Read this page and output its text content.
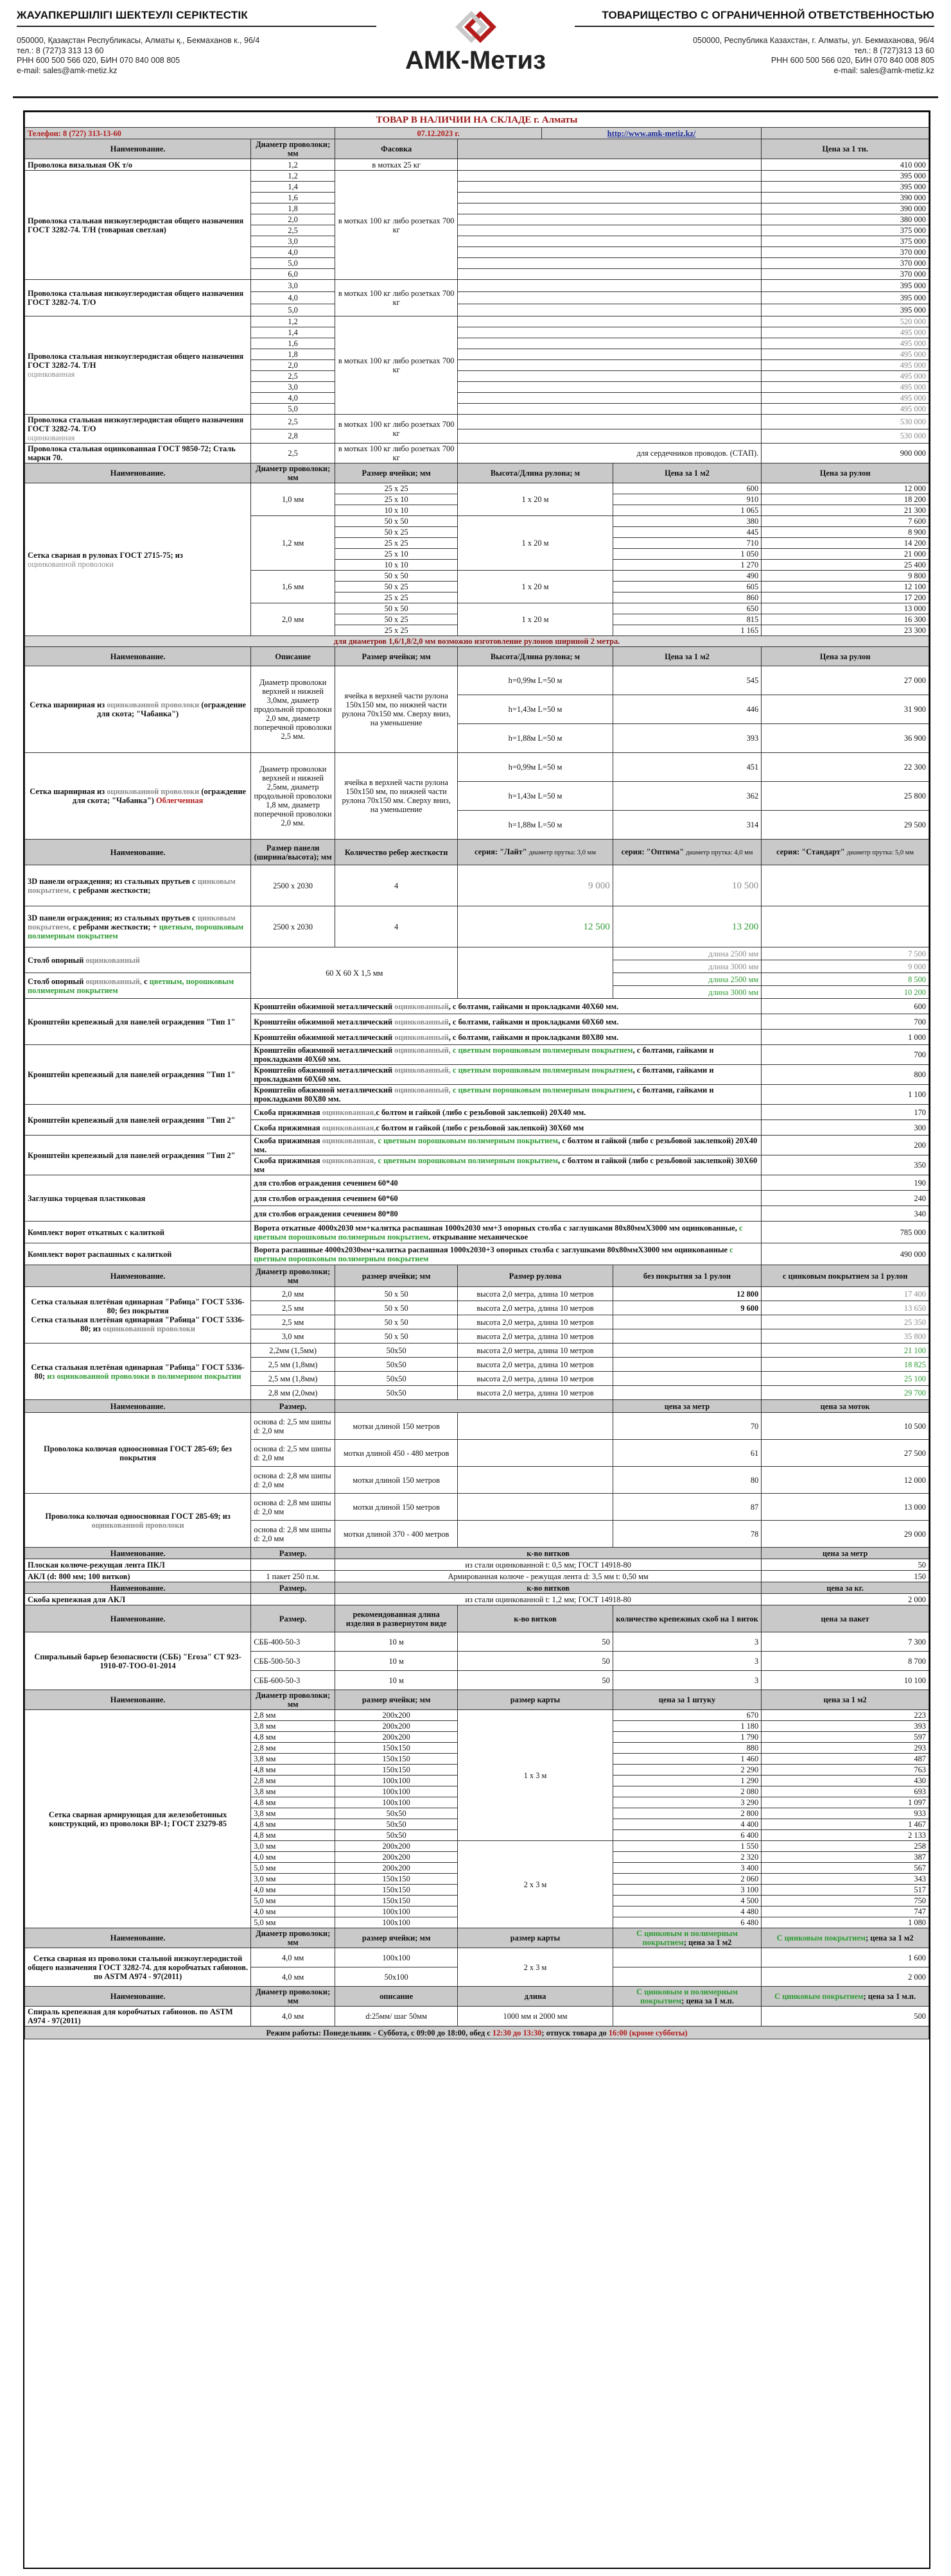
ЖАУАПКЕРШІЛІГІ ШЕКТЕУЛІ СЕРІКТЕСТІК
050000, Қазақстан Республикасы, Алматы қ., Бекмаханов к., 96/4
тел.: 8 (727)3 313 13 60
РНН 600 500 566 020, БИН 070 840 008 805
e-mail: sales@amk-metiz.kz	АМК-Метиз
ТОВАРИЩЕСТВО С ОГРАНИЧЕННОЙ ОТВЕТСТВЕННОСТЬЮ
050000, Республика Казахстан, г. Алматы, ул. Бекмаханова, 96/4
тел.: 8 (727)313 13 60
РНН 600 500 566 020, БИН 070 840 008 805
e-mail: sales@amk-metiz.kz
ТОВАР В НАЛИЧИИ НА СКЛАДЕ г. Алматы						
Телефон: 8 (727) 313-13-60		07.12.2023 г.		http://www.amk-metiz.kz/		
Наименование.	Диаметр проволоки; мм	Фасовка				Цена за 1 тн.
Проволока вязальная ОК т/о	1,2	в мотках 25 кг				410 000
Проволока стальная низкоуглеродистая общего назначения ГОСТ 3282-74. Т/Н (товарная светлая)	1,2	в мотках 100 кг либо розетках 700 кг				395 000
	1,4					395 000
	1,6					390 000
	1,8					390 000
	2,0					380 000
	2,5					375 000
	3,0					375 000
	4,0					370 000
	5,0					370 000
	6,0					370 000
Проволока стальная низкоуглеродистая общего назначения ГОСТ 3282-74. Т/О	3,0	в мотках 100 кг либо розетках 700 кг				395 000
	4,0					395 000
	5,0					395 000
Проволока стальная низкоуглеродистая общего назначения ГОСТ 3282-74. Т/Н
оцинкованная	1,2	в мотках 100 кг либо розетках 700 кг				520 000
	1,4					495 000
	1,6					495 000
	1,8					495 000
	2,0					495 000
	2,5					495 000
	3,0					495 000
	4,0					495 000
	5,0					495 000
Проволока стальная низкоуглеродистая общего назначения ГОСТ 3282-74. Т/О
оцинкованная	2,5	в мотках 100 кг либо розетках 700 кг				530 000
	2,8					530 000
Проволока стальная оцинкованная ГОСТ 9850-72; Сталь марки 70.	2,5	в мотках 100 кг либо розетках 700 кг	для сердечников проводов. (СТАП).			900 000
Наименование.	Диаметр проволоки; мм	Размер ячейки; мм	Высота/Длина рулона; м		Цена за 1 м2	Цена за рулон
Сетка сварная в рулонах ГОСТ 2715-75; из
оцинкованной проволоки	1,0 мм	25 х 25	1 х 20 м		600	12 000
		25 х 10			910	18 200
		10 х 10			1 065	21 300
	1,2 мм	50 х 50	1 х 20 м		380	7 600
		50 х 25			445	8 900
		25 х 25			710	14 200
		25 х 10			1 050	21 000
		10 х 10			1 270	25 400
	1,6 мм	50 х 50	1 х 20 м		490	9 800
		50 х 25			605	12 100
		25 х 25			860	17 200
	2,0 мм	50 х 50	1 х 20 м		650	13 000
		50 х 25			815	16 300
		25 х 25			1 165	23 300
для диаметров 1,6/1,8/2,0 мм возможно изготовление рулонов шириной 2 метра.						
Наименование.	Описание	Размер ячейки; мм	Высота/Длина рулона; м		Цена за 1 м2	Цена за рулон
Сетка шарнирная из оцинкованной проволоки (ограждение для скота; "Чабанка")	Диаметр проволоки верхней и нижней 3,0мм, диаметр продольной проволоки 2,0 мм, диаметр поперечной проволоки 2,5 мм.	ячейка в верхней части рулона 150х150 мм, по нижней части рулона 70х150 мм. Сверху вниз, на уменьшение	h=0,99м L=50 м		545	27 000
			h=1,43м L=50 м		446	31 900
			h=1,88м L=50 м		393	36 900
Сетка шарнирная из оцинкованной проволоки (ограждение для скота; "Чабанка") Облегченная	Диаметр проволоки верхней и нижней 2,5мм, диаметр продольной проволоки 1,8 мм, диаметр поперечной проволоки 2,0 мм.	ячейка в верхней части рулона 150х150 мм, по нижней части рулона 70х150 мм. Сверху вниз, на уменьшение	h=0,99м L=50 м		451	22 300
			h=1,43м L=50 м		362	25 800
			h=1,88м L=50 м		314	29 500
Наименование.	Размер панели (ширина/высота); мм	Количество ребер жесткости	серия: "Лайт" диаметр прутка: 3,0 мм		серия: "Оптима" диаметр прутка: 4,0 мм	серия: "Стандарт" диаметр прутка: 5,0 мм
3D панели ограждения; из стальных прутьев с цинковым покрытием, с ребрами жесткости;	2500 х 2030	4	9 000		10 500	
3D панели ограждения; из стальных прутьев с цинковым покрытием, с ребрами жесткости; + цветным, порошковым полимерным покрытием	2500 х 2030	4	12 500		13 200	
Столб опорный оцинкованный	60 Х 60 Х 1,5 мм				длина 2500 мм	7 500
					длина 3000 мм	9 000
Столб опорный оцинкованный, с цветным, порошковым полимерным покрытием					длина 2500 мм	8 500
					длина 3000 мм	10 200
Кронштейн крепежный для панелей ограждения "Тип 1"	Кронштейн обжимной металлический оцинкованный, с болтами, гайками и прокладками 40Х60 мм.					600
	Кронштейн обжимной металлический оцинкованный, с болтами, гайками и прокладками 60Х60 мм.					700
	Кронштейн обжимной металлический оцинкованный, с болтами, гайками и прокладками 80Х80 мм.					1 000
Кронштейн крепежный для панелей ограждения "Тип 1"	Кронштейн обжимной металлический оцинкованный, с цветным порошковым полимерным покрытием, с болтами, гайками и прокладками 40Х60 мм.					700
	Кронштейн обжимной металлический оцинкованный, с цветным порошковым полимерным покрытием, с болтами, гайками и прокладками 60Х60 мм.					800
	Кронштейн обжимной металлический оцинкованный, с цветным порошковым полимерным покрытием, с болтами, гайками и прокладками 80Х80 мм.					1 100
Кронштейн крепежный для панелей ограждения "Тип 2"	Скоба прижимная оцинкованная,с болтом и гайкой (либо с резьбовой заклепкой) 20Х40 мм.					170
	Скоба прижимная оцинкованная,с болтом и гайкой (либо с резьбовой заклепкой) 30Х60 мм					300
Кронштейн крепежный для панелей ограждения "Тип 2"	Скоба прижимная оцинкованная, с цветным порошковым полимерным покрытием, с болтом и гайкой (либо с резьбовой заклепкой) 20Х40 мм.					200
	Скоба прижимная оцинкованная, с цветным порошковым полимерным покрытием, с болтом и гайкой (либо с резьбовой заклепкой) 30Х60 мм					350
Заглушка торцевая пластиковая	для столбов ограждения сечением 60*40					190
	для столбов ограждения сечением 60*60					240
	для столбов ограждения сечением 80*80					340
Комплект ворот откатных с калиткой	Ворота откатные 4000х2030 мм+калитка распашная 1000х2030 мм+3 опорных столба с заглушками 80х80ммХ3000 мм оцинкованные, с цветным порошковым полимерным покрытием. открывание механическое					785 000
Комплект ворот распашных с калиткой	Ворота распашные 4000х2030мм+калитка распашная 1000х2030+3 опорных столба с заглушками 80х80ммХ3000 мм оцинкованные с цветным порошковым полимерным покрытием					490 000
Наименование.	Диаметр проволоки; мм	размер ячейки; мм	Размер рулона		без покрытия за 1 рулон	с цинковым покрытием за 1 рулон
Сетка стальная плетёная одинарная "Рабица" ГОСТ 5336-80; без покрытия
Сетка стальная плетёная одинарная "Рабица" ГОСТ 5336-80; из оцинкованной проволоки	2,0 мм	50 х 50	высота 2,0 метра, длина 10 метров		12 800	17 400
	2,5 мм	50 х 50	высота 2,0 метра, длина 10 метров		9 600	13 650
	2,5 мм	50 х 50	высота 2,0 метра, длина 10 метров			25 350
	3,0 мм	50 х 50	высота 2,0 метра, длина 10 метров			35 800
Сетка стальная плетёная одинарная "Рабица" ГОСТ 5336-80; из оцинкованной проволоки в полимерном покрытии	2,2мм (1,5мм)	50х50	высота 2,0 метра, длина 10 метров			21 100
	2,5 мм (1,8мм)	50х50	высота 2,0 метра, длина 10 метров			18 825
	2,5 мм (1,8мм)	50х50	высота 2,0 метра, длина 10 метров			25 100
	2,8 мм (2,0мм)	50х50	высота 2,0 метра, длина 10 метров			29 700
Наименование.	Размер.				цена за метр	цена за моток
Проволока колючая одноосновная ГОСТ 285-69; без покрытия	основа d: 2,5 мм шипы d: 2,0 мм	мотки длиной 150 метров			70	10 500
	основа d: 2,5 мм шипы d: 2,0 мм	мотки длиной 450 - 480 метров			61	27 500
	основа d: 2,8 мм шипы d: 2,0 мм	мотки длиной 150 метров			80	12 000
Проволока колючая одноосновная ГОСТ 285-69; из оцинкованной проволоки	основа d: 2,8 мм шипы d: 2,0 мм	мотки длиной 150 метров			87	13 000
	основа d: 2,8 мм шипы d: 2,0 мм	мотки длиной 370 - 400 метров			78	29 000
Наименование.	Размер.	к-во витков				цена за метр
Плоская колюче-режущая лента ПКЛ		из стали оцинкованной t: 0,5 мм; ГОСТ 14918-80				50
АКЛ (d: 800 мм; 100 витков)	1 пакет 250 п.м.	Армированная колюче - режущая лента d: 3,5 мм t: 0,50 мм				150
Наименование.	Размер.	к-во витков				цена за кг.
Скоба крепежная для АКЛ		из стали оцинкованной t: 1,2 мм; ГОСТ 14918-80				2 000
Наименование.	Размер.	рекомендованная длина изделия в развернутом виде	к-во витков		количество крепежных скоб на 1 виток	цена за пакет
Спиральный барьер безопасности (СББ) "Егоза" СТ 923-1910-07-ТОО-01-2014	СББ-400-50-3	10 м	50		3	7 300
	СББ-500-50-3	10 м	50		3	8 700
	СББ-600-50-3	10 м	50		3	10 100
Наименование.	Диаметр проволоки; мм	размер ячейки; мм	размер карты		цена за 1 штуку	цена за 1 м2
Сетка сварная армирующая для железобетонных конструкций, из проволоки ВР-1; ГОСТ 23279-85	2,8 мм	200х200	1 х 3 м		670	223
	3,8 мм	200х200			1 180	393
	4,8 мм	200х200			1 790	597
	2,8 мм	150х150			880	293
	3,8 мм	150х150			1 460	487
	4,8 мм	150х150			2 290	763
	2,8 мм	100х100			1 290	430
	3,8 мм	100х100			2 080	693
	4,8 мм	100х100			3 290	1 097
	3,8 мм	50х50			2 800	933
	4,8 мм	50х50			4 400	1 467
	4,8 мм	50х50			6 400	2 133
	3,0 мм	200х200	2 х 3 м		1 550	258
	4,0 мм	200х200			2 320	387
	5,0 мм	200х200			3 400	567
	3,0 мм	150х150			2 060	343
	4,0 мм	150х150			3 100	517
	5,0 мм	150х150			4 500	750
	4,0 мм	100х100			4 480	747
	5,0 мм	100х100			6 480	1 080
Наименование.	Диаметр проволоки; мм	размер ячейки; мм	размер карты		С цинковым и полимерным покрытием; цена за 1 м2	С цинковым покрытием; цена за 1 м2
Сетка сварная из проволоки стальной низкоуглеродистой общего назначения ГОСТ 3282-74. для коробчатых габионов. по ASTM A974 - 97(2011)	4,0 мм	100х100	2 х 3 м			1 600
	4,0 мм	50х100				2 000
Наименование.	Диаметр проволоки; мм	описание	длина		С цинковым и полимерным покрытием; цена за 1 м.п.	С цинковым покрытием; цена за 1 м.п.
Спираль крепежная для коробчатых габионов. по ASTM A974 - 97(2011)	4,0 мм	d:25мм/ шаг 50мм	1000 мм и 2000 мм			500
Режим работы: Понедельник - Суббота, с 09:00 до 18:00, обед с 12:30 до 13:30; отпуск товара до 16:00 (кроме субботы)						
